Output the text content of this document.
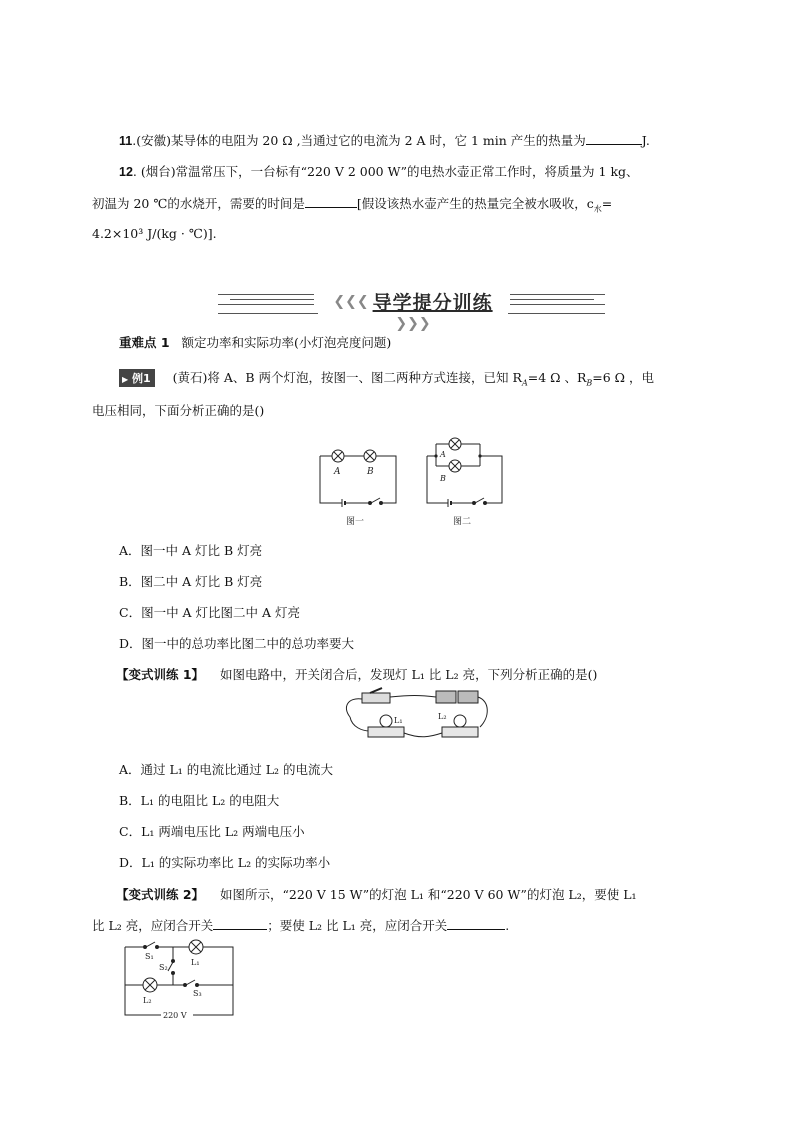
11.(安徽)某导体的电阻为 20 Ω ,当通过它的电流为 2 A 时，它 1 min 产生的热量为	J.
12. (烟台)常温常压下，一台标有“220 V 2 000 W”的电热水壶正常工作时，将质量为 1 kg、
初温为 20 ℃的水烧开，需要的时间是	[假设该热水壶产生的热量完全被水吸收，$c_水=$
4.2×10³ J/(kg · ℃)].
❮❮❮ 导学提分训练 ❯❯❯
重难点 1 额定功率和实际功率(小灯泡亮度问题)
▶ 例1 (黄石)将 A、B 两个灯泡，按图一、图二两种方式连接，已知 $R_A=4$ Ω 、$R_B=6$ Ω ，电
电压相同，下面分析正确的是()
A	B
图一
A
B
图二
A．图一中 A 灯比 B 灯亮
B．图二中 A 灯比 B 灯亮
C．图一中 A 灯比图二中 A 灯亮
D．图一中的总功率比图二中的总功率要大
【变式训练 1】 如图电路中，开关闭合后，发现灯 L₁ 比 L₂ 亮，下列分析正确的是()
L₁	L₂
A．通过 L₁ 的电流比通过 L₂ 的电流大
B．L₁ 的电阻比 L₂ 的电阻大
C．L₁ 两端电压比 L₂ 两端电压小
D．L₁ 的实际功率比 L₂ 的实际功率小
【变式训练 2】 如图所示，“220 V 15 W”的灯泡 L₁ 和“220 V 60 W”的灯泡 L₂，要使 L₁
比 L₂ 亮，应闭合开关	；要使 L₂ 比 L₁ 亮，应闭合开关	.
S₁
S₂
S₃
L₁
L₂
220 V
